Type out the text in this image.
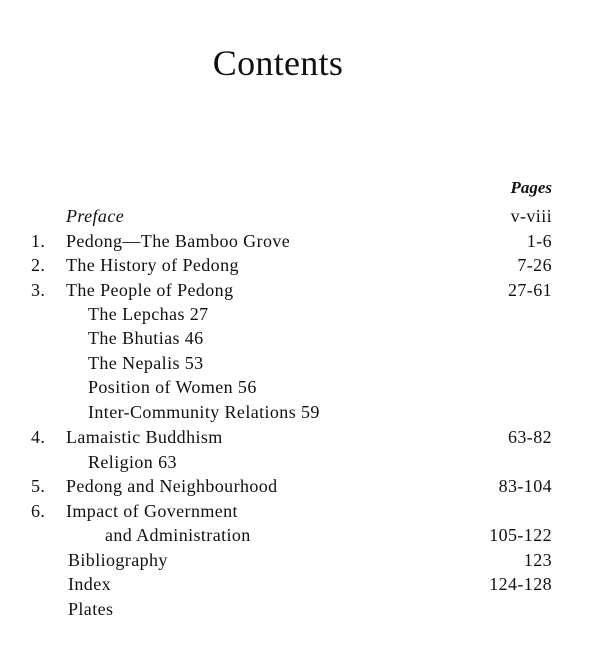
Contents
Pages
Preface	v-viii
1. Pedong—The Bamboo Grove	1-6
2. The History of Pedong	7-26
3. The People of Pedong	27-61
The Lepchas 27
The Bhutias 46
The Nepalis 53
Position of Women 56
Inter-Community Relations 59
4. Lamaistic Buddhism	63-82
Religion 63
5. Pedong and Neighbourhood	83-104
6. Impact of Government
and Administration	105-122
Bibliography	123
Index	124-128
Plates
